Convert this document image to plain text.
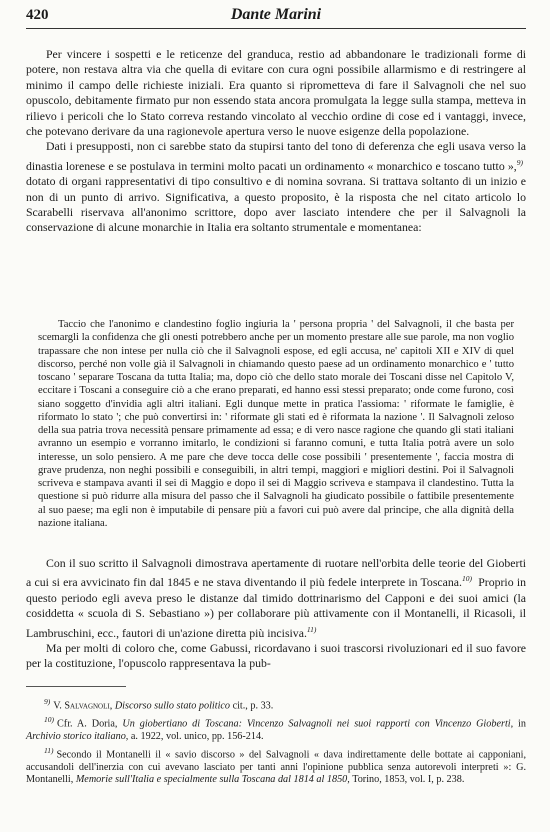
420	Dante Marini

Per vincere i sospetti e le reticenze del granduca, restio ad abbandonare le tradizionali forme di potere, non restava altra via che quella di evitare con cura ogni possibile allarmismo e di restringere al minimo il campo delle richieste iniziali. Era quanto si riprometteva di fare il Salvagnoli che nel suo opuscolo, debitamente firmato pur non essendo stata ancora promulgata la legge sulla stampa, metteva in rilievo i pericoli che lo Stato correva restando vincolato al vecchio ordine di cose ed i vantaggi, invece, che potevano derivare da una ragionevole apertura verso le nuove esigenze della popolazione.

Dati i presupposti, non ci sarebbe stato da stupirsi tanto del tono di deferenza che egli usava verso la dinastia lorenese e se postulava in termini molto pacati un ordinamento « monarchico e toscano tutto »,$^{9)}$ dotato di organi rappresentativi di tipo consultivo e di nomina sovrana. Si trattava soltanto di un inizio e non di un punto di arrivo. Significativa, a questo proposito, è la risposta che nel citato articolo lo Scarabelli riservava all'anonimo scrittore, dopo aver lasciato intendere che per il Salvagnoli la conservazione di alcune monarchie in Italia era soltanto strumentale e momentanea:

Taccio che l'anonimo e clandestino foglio ingiuria la ' persona propria ' del Salvagnoli, il che basta per scemargli la confidenza che gli onesti potrebbero anche per un momento prestare alle sue parole, ma non voglio trapassare che non intese per nulla ciò che il Salvagnoli espose, ed egli accusa, ne' capitoli XII e XIV di quel discorso, perché non volle già il Salvagnoli in chiamando questo paese ad un ordinamento monarchico e ' tutto toscano ' separare Toscana da tutta Italia; ma, dopo ciò che dello stato morale dei Toscani disse nel Capitolo V, eccitare i Toscani a conseguire ciò a che erano preparati, ed hanno essi stessi preparato; onde come furono, così siano soggetto d'invidia agli altri italiani. Egli dunque mette in pratica l'assioma: ' riformate le famiglie, è riformato lo stato '; che può convertirsi in: ' riformate gli stati ed è riformata la nazione '. Il Salvagnoli zeloso della sua patria trova necessità pensare primamente ad essa; e di vero nasce ragione che quando gli stati italiani avranno un esempio e vorranno imitarlo, le condizioni si faranno comuni, e tutta Italia potrà avere un solo interesse, un solo pensiero. A me pare che deve tocca delle cose possibili ' presentemente ', faccia mostra di grave prudenza, non neghi possibili e conseguibili, in altri tempi, maggiori e migliori destini. Poi il Salvagnoli scriveva e stampava avanti il sei di Maggio e dopo il sei di Maggio scriveva e stampava il clandestino. Tutta la questione si può ridurre alla misura del passo che il Salvagnoli ha giudicato possibile o fattibile presentemente al suo paese; ma egli non è imputabile di pensare più a favori cui può avere dal principe, che alla dignità della nazione italiana.

Con il suo scritto il Salvagnoli dimostrava apertamente di ruotare nell'orbita delle teorie del Gioberti a cui si era avvicinato fin dal 1845 e ne stava diventando il più fedele interprete in Toscana.$^{10)}$ Proprio in questo periodo egli aveva preso le distanze dal timido dottrinarismo del Capponi e dei suoi amici (la cosiddetta « scuola di S. Sebastiano ») per collaborare più attivamente con il Montanelli, il Ricasoli, il Lambruschini, ecc., fautori di un'azione diretta più incisiva.$^{11)}$

Ma per molti di coloro che, come Gabussi, ricordavano i suoi trascorsi rivoluzionari ed il suo favore per la costituzione, l'opuscolo rappresentava la pub-

$^{9)}$ V. Salvagnoli, Discorso sullo stato politico cit., p. 33.

$^{10)}$ Cfr. A. Doria, Un giobertiano di Toscana: Vincenzo Salvagnoli nei suoi rapporti con Vincenzo Gioberti, in Archivio storico italiano, a. 1922, vol. unico, pp. 156-214.

$^{11)}$ Secondo il Montanelli il « savio discorso » del Salvagnoli « dava indirettamente delle bottate ai capponiani, accusandoli dell'inerzia con cui avevano lasciato per tanti anni l'opinione pubblica senza autorevoli interpreti »: G. Montanelli, Memorie sull'Italia e specialmente sulla Toscana dal 1814 al 1850, Torino, 1853, vol. I, p. 238.
